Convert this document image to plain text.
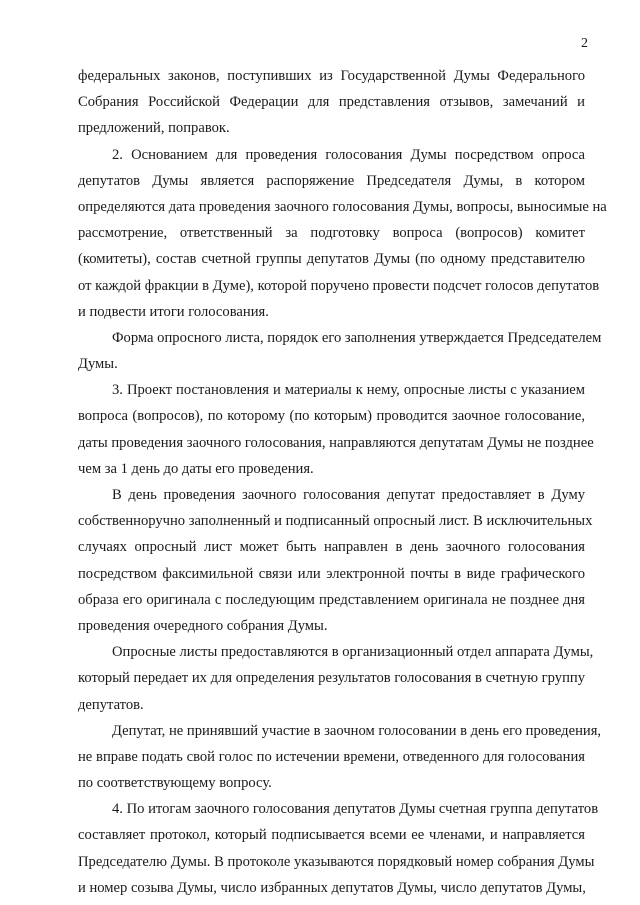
2
федеральных законов, поступивших из Государственной Думы Федерального
Собрания Российской Федерации для представления отзывов, замечаний и
предложений, поправок.
2. Основанием для проведения голосования Думы посредством опроса
депутатов Думы является распоряжение Председателя Думы, в котором
определяются дата проведения заочного голосования Думы, вопросы, выносимые на
рассмотрение, ответственный за подготовку вопроса (вопросов) комитет
(комитеты), состав счетной группы депутатов Думы (по одному представителю
от каждой фракции в Думе), которой поручено провести подсчет голосов депутатов
и подвести итоги голосования.
Форма опросного листа, порядок его заполнения утверждается Председателем
Думы.
3. Проект постановления и материалы к нему, опросные листы с указанием
вопроса (вопросов), по которому (по которым) проводится заочное голосование,
даты проведения заочного голосования, направляются депутатам Думы не позднее
чем за 1 день до даты его проведения.
В день проведения заочного голосования депутат предоставляет в Думу
собственноручно заполненный и подписанный опросный лист. В исключительных
случаях опросный лист может быть направлен в день заочного голосования
посредством факсимильной связи или электронной почты в виде графического
образа его оригинала с последующим представлением оригинала не позднее дня
проведения очередного собрания Думы.
Опросные листы предоставляются в организационный отдел аппарата Думы,
который передает их для определения результатов голосования в счетную группу
депутатов.
Депутат, не принявший участие в заочном голосовании в день его проведения,
не вправе подать свой голос по истечении времени, отведенного для голосования
по соответствующему вопросу.
4. По итогам заочного голосования депутатов Думы счетная группа депутатов
составляет протокол, который подписывается всеми ее членами, и направляется
Председателю Думы. В протоколе указываются порядковый номер собрания Думы
и номер созыва Думы, число избранных депутатов Думы, число депутатов Думы,
